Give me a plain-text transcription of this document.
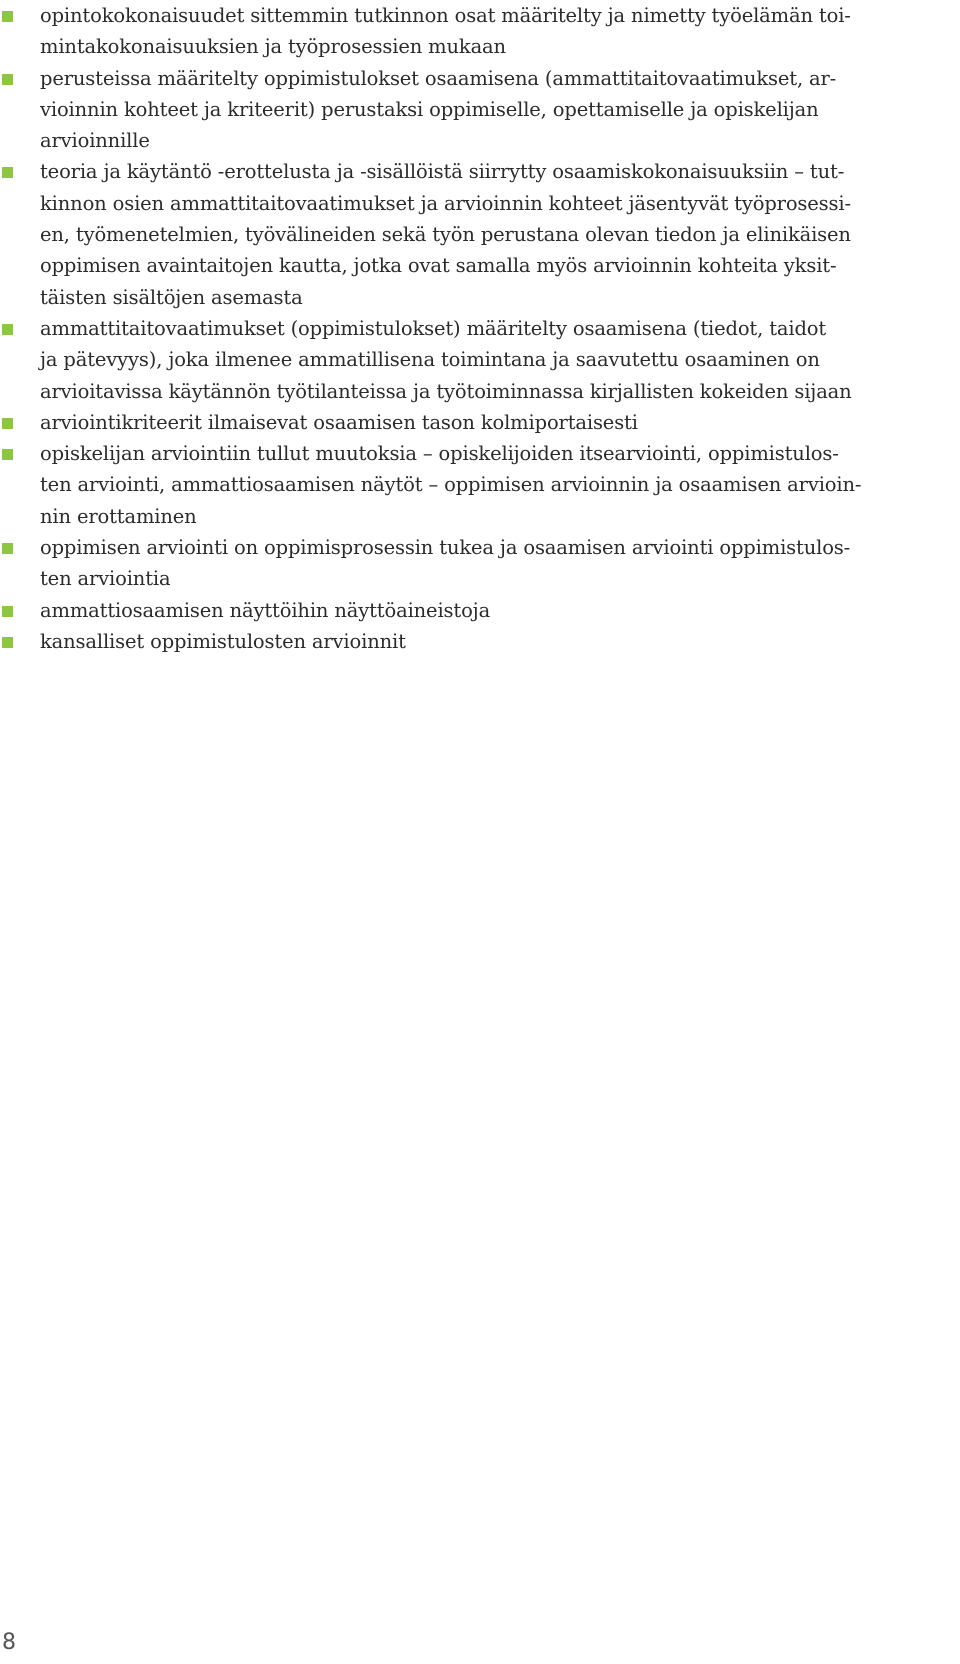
opintokokonaisuudet sittemmin tutkinnon osat määritelty ja nimetty työelämän toi-
mintakokonaisuuksien ja työprosessien mukaan
perusteissa määritelty oppimistulokset osaamisena (ammattitaitovaatimukset, ar-
vioinnin kohteet ja kriteerit) perustaksi oppimiselle, opettamiselle ja opiskelijan
arvioinnille
teoria ja käytäntö -erottelusta ja -sisällöistä siirrytty osaamiskokonaisuuksiin – tut-
kinnon osien ammattitaitovaatimukset ja arvioinnin kohteet jäsentyvät työprosessi-
en, työmenetelmien, työvälineiden sekä työn perustana olevan tiedon ja elinikäisen
oppimisen avaintaitojen kautta, jotka ovat samalla myös arvioinnin kohteita yksit-
täisten sisältöjen asemasta
ammattitaitovaatimukset (oppimistulokset) määritelty osaamisena (tiedot, taidot
ja pätevyys), joka ilmenee ammatillisena toimintana ja saavutettu osaaminen on
arvioitavissa käytännön työtilanteissa ja työtoiminnassa kirjallisten kokeiden sijaan
arviointikriteerit ilmaisevat osaamisen tason kolmiportaisesti
opiskelijan arviointiin tullut muutoksia – opiskelijoiden itsearviointi, oppimistulos-
ten arviointi, ammattiosaamisen näytöt – oppimisen arvioinnin ja osaamisen arvioin-
nin erottaminen
oppimisen arviointi on oppimisprosessin tukea ja osaamisen arviointi oppimistulos-
ten arviointia
ammattiosaamisen näyttöihin näyttöaineistoja
kansalliset oppimistulosten arvioinnit
8
